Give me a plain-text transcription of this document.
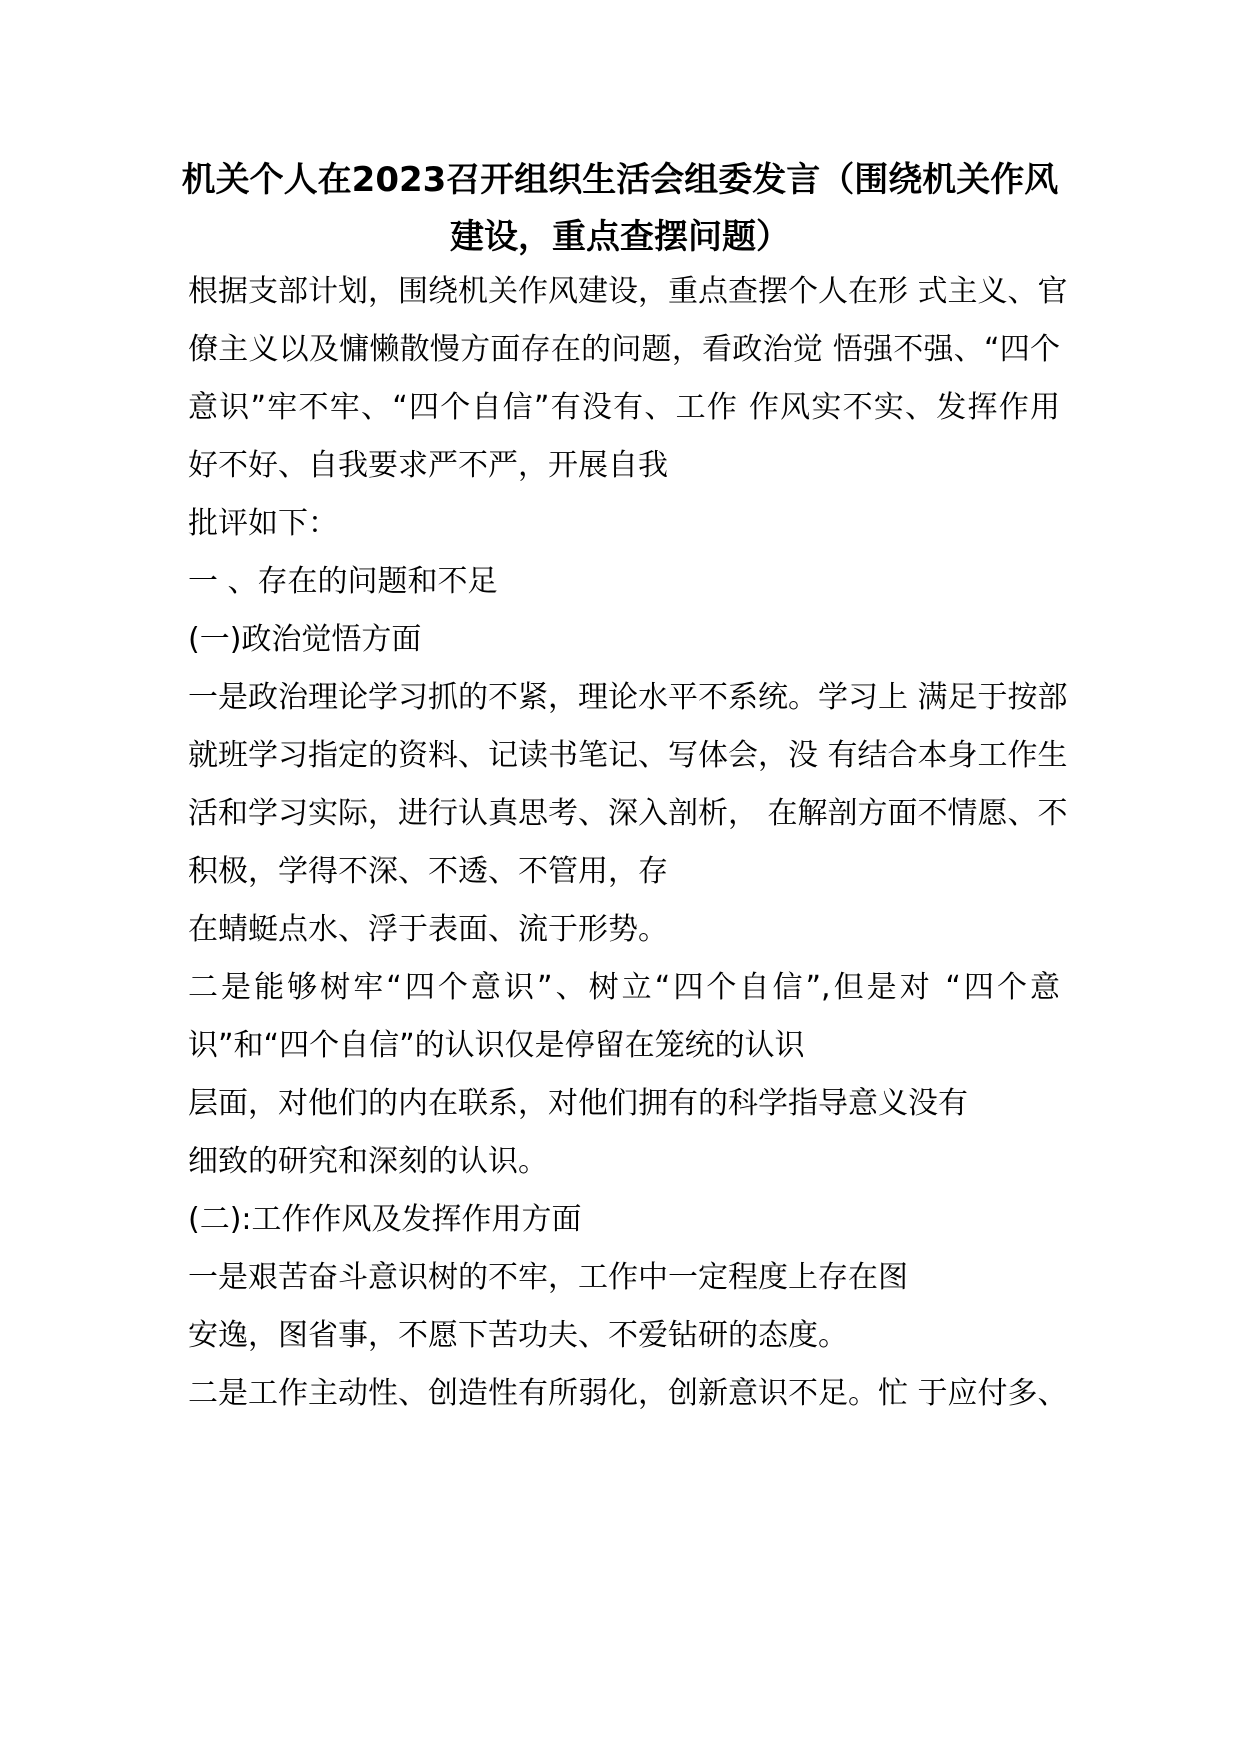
机关个人在2023召开组织生活会组委发言（围绕机关作风
建设，重点查摆问题）
根据支部计划，围绕机关作风建设，重点查摆个人在形 式主义、官
僚主义以及慵懒散慢方面存在的问题，看政治觉 悟强不强、“四个
意识”牢不牢、“四个自信”有没有、工作 作风实不实、发挥作用
好不好、自我要求严不严，开展自我
批评如下：
一 、存在的问题和不足
(一)政治觉悟方面
一是政治理论学习抓的不紧，理论水平不系统。学习上 满足于按部
就班学习指定的资料、记读书笔记、写体会，没 有结合本身工作生
活和学习实际，进行认真思考、深入剖析， 在解剖方面不情愿、不
积极，学得不深、不透、不管用，存
在蜻蜓点水、浮于表面、流于形势。
二是能够树牢“四个意识”、树立“四个自信”,但是对 “四个意
识”和“四个自信”的认识仅是停留在笼统的认识
层面，对他们的内在联系，对他们拥有的科学指导意义没有
细致的研究和深刻的认识。
(二):工作作风及发挥作用方面
一是艰苦奋斗意识树的不牢，工作中一定程度上存在图
安逸，图省事，不愿下苦功夫、不爱钻研的态度。
二是工作主动性、创造性有所弱化，创新意识不足。忙 于应付多、
